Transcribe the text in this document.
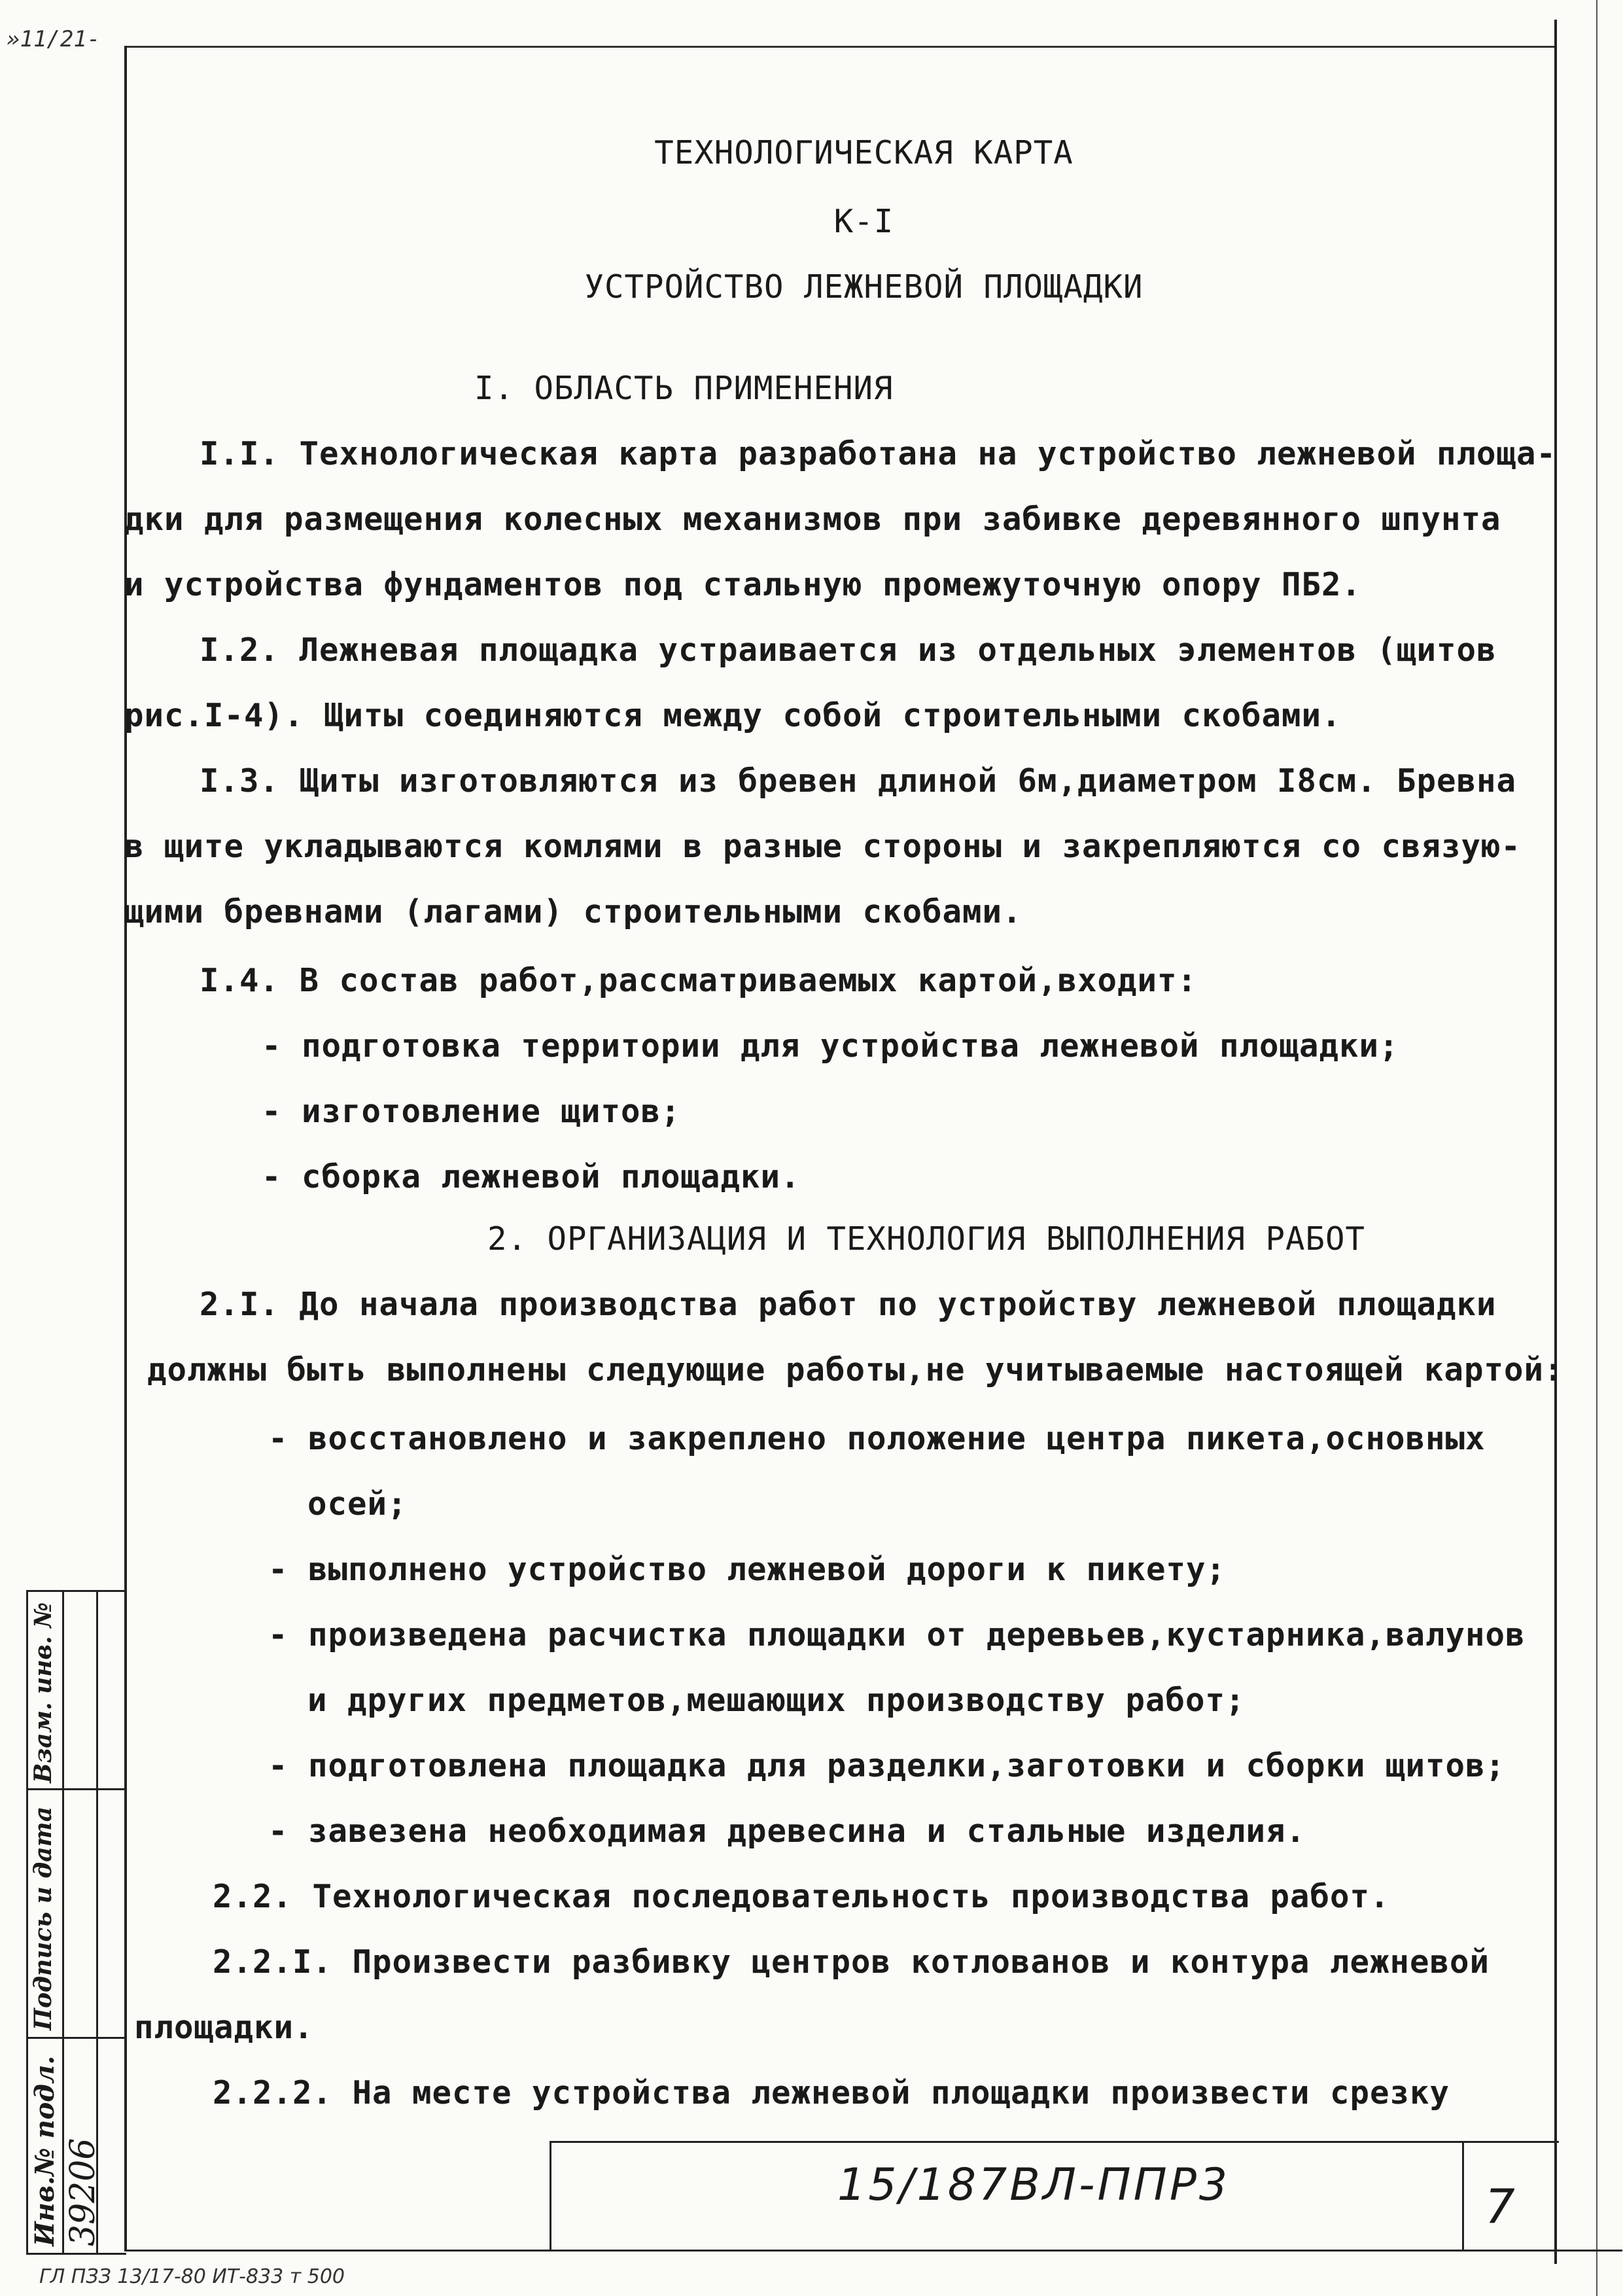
»11/21‑
ТЕХНОЛОГИЧЕСКАЯ КАРТА
К-I
УСТРОЙСТВО ЛЕЖНЕВОЙ ПЛОЩАДКИ
I. ОБЛАСТЬ ПРИМЕНЕНИЯ
I.I. Технологическая карта разработана на устройство лежневой площа-
дки для размещения колесных механизмов при забивке деревянного шпунта
и устройства фундаментов под стальную промежуточную опору ПБ2.
I.2. Лежневая площадка устраивается из отдельных элементов (щитов
рис.I-4). Щиты соединяются между собой строительными скобами.
I.3. Щиты изготовляются из бревен длиной 6м,диаметром I8см. Бревна
в щите укладываются комлями в разные стороны и закрепляются со связую-
щими бревнами (лагами) строительными скобами.
I.4. В состав работ,рассматриваемых картой,входит:
- подготовка территории для устройства лежневой площадки;
- изготовление щитов;
- сборка лежневой площадки.
2. ОРГАНИЗАЦИЯ И ТЕХНОЛОГИЯ ВЫПОЛНЕНИЯ РАБОТ
2.I. До начала производства работ по устройству лежневой площадки
должны быть выполнены следующие работы,не учитываемые настоящей картой:
- восстановлено и закреплено положение центра пикета,основных
осей;
- выполнено устройство лежневой дороги к пикету;
- произведена расчистка площадки от деревьев,кустарника,валунов
и других предметов,мешающих производству работ;
- подготовлена площадка для разделки,заготовки и сборки щитов;
- завезена необходимая древесина и стальные изделия.
2.2. Технологическая последовательность производства работ.
2.2.I. Произвести разбивку центров котлованов и контура лежневой
площадки.
2.2.2. На месте устройства лежневой площадки произвести срезку
Инв.№ подл. 39206
Подпись и дата
Взам. инв. №
15/187ВЛ-ППР3	7
ГЛ ПЗЗ 13/17-80 ИТ-833 т 500
